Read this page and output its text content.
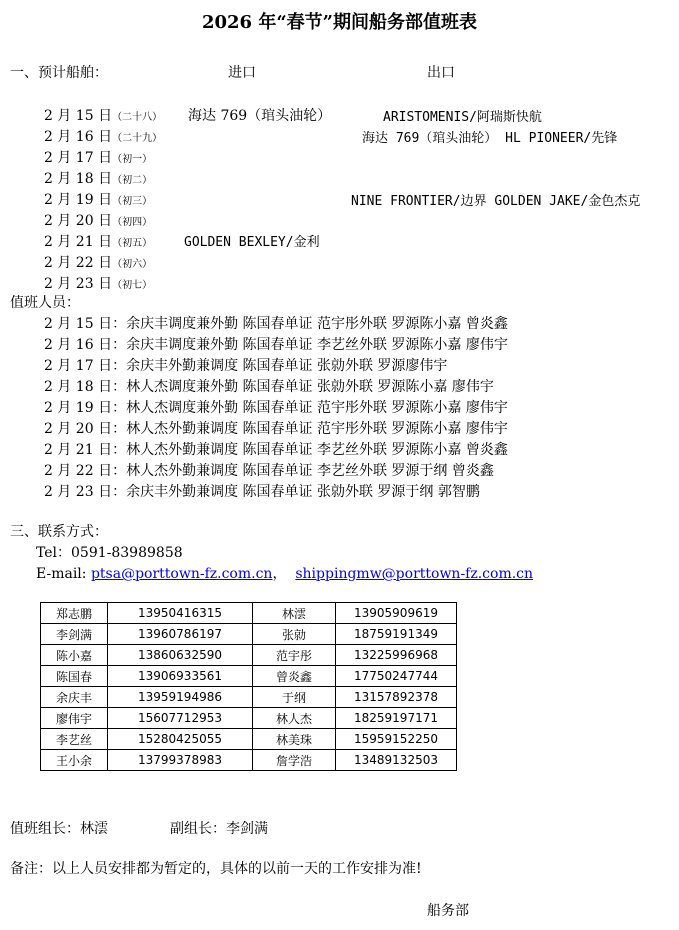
2026 年“春节”期间船务部值班表
一、预计船舶：	进口	出口
2 月 15 日（二十八） 海达 769（琯头油轮）	ARISTOMENIS/阿瑞斯快航
2 月 16 日（二十九）	海达 769（琯头油轮） HL PIONEER/先锋
2 月 17 日（初一）
2 月 18 日（初二）
2 月 19 日（初三）	NINE FRONTIER/边界 GOLDEN JAKE/金色杰克
2 月 20 日（初四）
2 月 21 日（初五） GOLDEN BEXLEY/金利
2 月 22 日（初六）
2 月 23 日（初七）
值班人员：
2 月 15 日：余庆丰调度兼外勤 陈国春单证 范宇彤外联 罗源陈小嘉 曾炎鑫
2 月 16 日：余庆丰调度兼外勤 陈国春单证 李艺丝外联 罗源陈小嘉 廖伟宇
2 月 17 日：余庆丰外勤兼调度 陈国春单证 张勍外联 罗源廖伟宇
2 月 18 日：林人杰调度兼外勤 陈国春单证 张勍外联 罗源陈小嘉 廖伟宇
2 月 19 日：林人杰调度兼外勤 陈国春单证 范宇彤外联 罗源陈小嘉 廖伟宇
2 月 20 日：林人杰外勤兼调度 陈国春单证 范宇彤外联 罗源陈小嘉 廖伟宇
2 月 21 日：林人杰外勤兼调度 陈国春单证 李艺丝外联 罗源陈小嘉 曾炎鑫
2 月 22 日：林人杰外勤兼调度 陈国春单证 李艺丝外联 罗源于纲 曾炎鑫
2 月 23 日：余庆丰外勤兼调度 陈国春单证 张勍外联 罗源于纲 郭智鹏
三、联系方式：
Tel：0591-83989858
E-mail: ptsa@porttown-fz.com.cn， shippingmw@porttown-fz.com.cn
郑志鹏	13950416315	林澐	13905909619
李剑满	13960786197	张勍	18759191349
陈小嘉	13860632590	范宇彤	13225996968
陈国春	13906933561	曾炎鑫	17750247744
余庆丰	13959194986	于纲	13157892378
廖伟宇	15607712953	林人杰	18259197171
李艺丝	15280425055	林美珠	15959152250
王小余	13799378983	詹学浩	13489132503
值班组长：林澐	副组长：李剑满
备注：以上人员安排都为暂定的，具体的以前一天的工作安排为准!
船务部
